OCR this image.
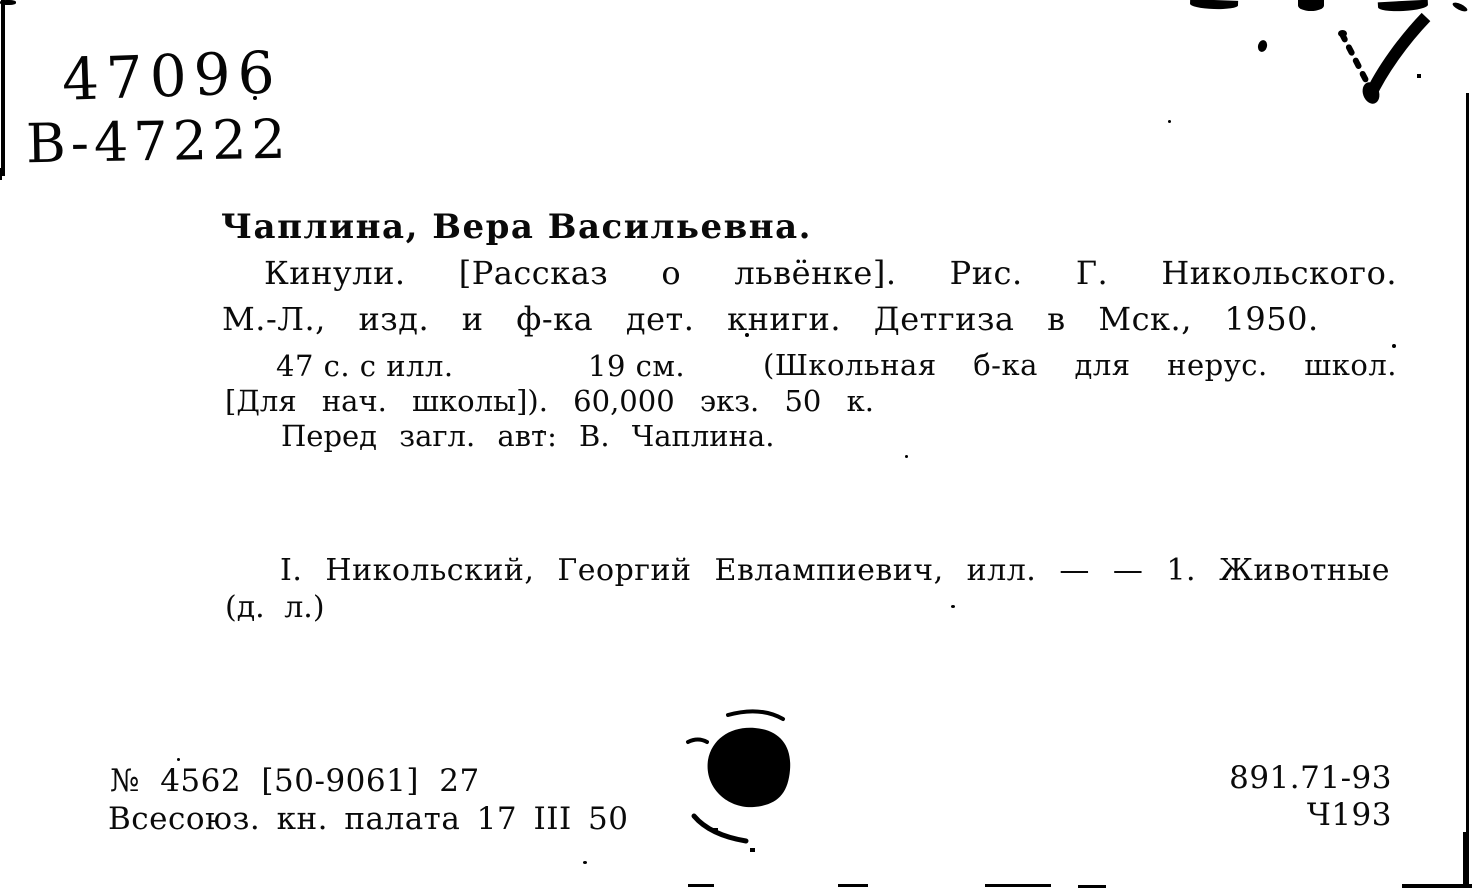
47096
В-47222
Чаплина, Вера Васильевна.
Кинули. [Рассказ о львёнке]. Рис. Г. Никольского.
М.-Л., изд. и ф-ка дет. книги. Детгиза в Мск., 1950.
47 с. с илл.	19 см.	(Школьная б-ка для нерус. школ.
[Для нач. школы]). 60,000 экз. 50 к.
Перед загл. авт: В. Чаплина.
I. Никольский, Георгий Евлампиевич, илл. — — 1. Животные
(д. л.)
№ 4562 [50-9061] 27
Всесоюз. кн. палата 17 III 50
891.71-93
Ч193
